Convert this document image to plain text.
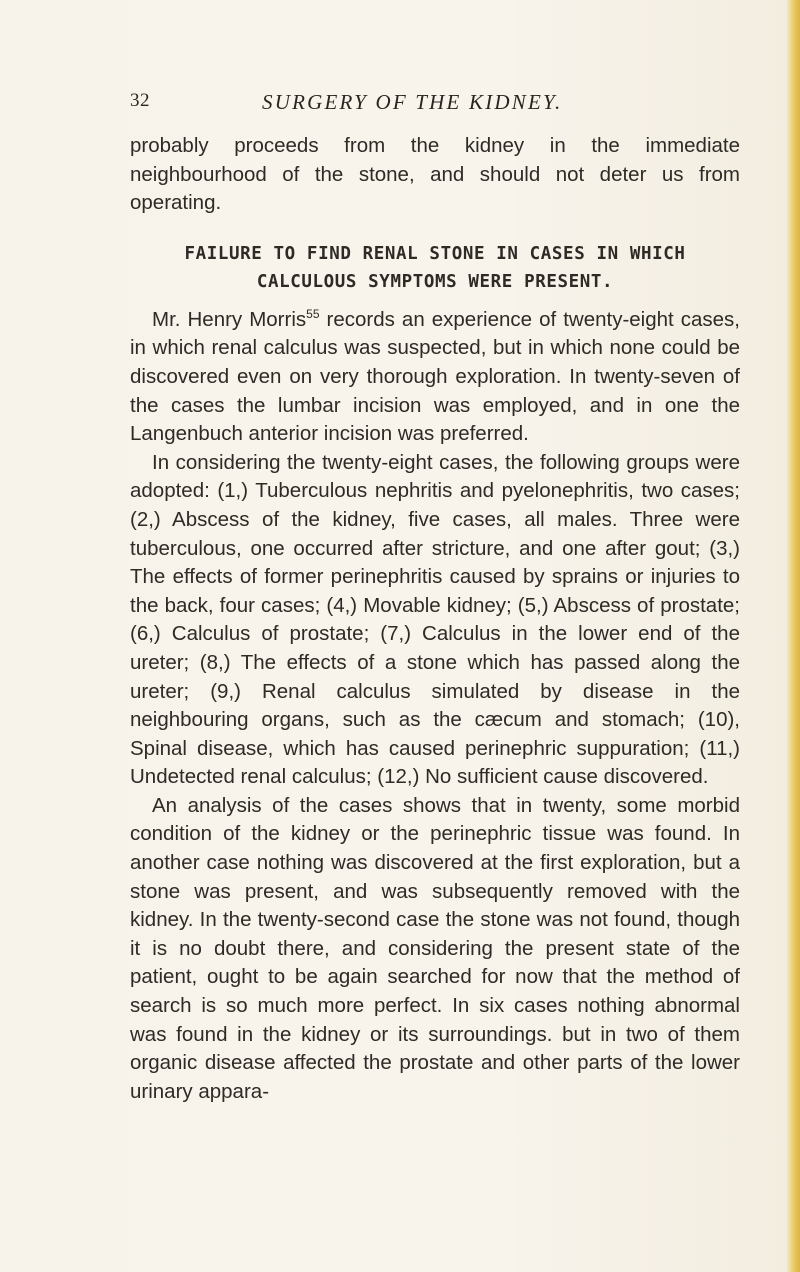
32	SURGERY OF THE KIDNEY.

probably proceeds from the kidney in the immediate neighbourhood of the stone, and should not deter us from operating.

FAILURE TO FIND RENAL STONE IN CASES IN WHICH CALCULOUS SYMPTOMS WERE PRESENT.

Mr. Henry Morris$^{55}$ records an experience of twenty-eight cases, in which renal calculus was suspected, but in which none could be discovered even on very thorough exploration. In twenty-seven of the cases the lumbar incision was employed, and in one the Langenbuch anterior incision was preferred.

In considering the twenty-eight cases, the following groups were adopted: (1,) Tuberculous nephritis and pyelonephritis, two cases; (2,) Abscess of the kidney, five cases, all males. Three were tuberculous, one occurred after stricture, and one after gout; (3,) The effects of former perinephritis caused by sprains or injuries to the back, four cases; (4,) Movable kidney; (5,) Abscess of prostate; (6,) Calculus of prostate; (7,) Calculus in the lower end of the ureter; (8,) The effects of a stone which has passed along the ureter; (9,) Renal calculus simulated by disease in the neighbouring organs, such as the cæcum and stomach; (10), Spinal disease, which has caused perinephric suppuration; (11,) Undetected renal calculus; (12,) No sufficient cause discovered.

An analysis of the cases shows that in twenty, some morbid condition of the kidney or the perinephric tissue was found. In another case nothing was discovered at the first exploration, but a stone was present, and was subsequently removed with the kidney. In the twenty-second case the stone was not found, though it is no doubt there, and considering the present state of the patient, ought to be again searched for now that the method of search is so much more perfect. In six cases nothing abnormal was found in the kidney or its surroundings. but in two of them organic disease affected the prostate and other parts of the lower urinary appara-
